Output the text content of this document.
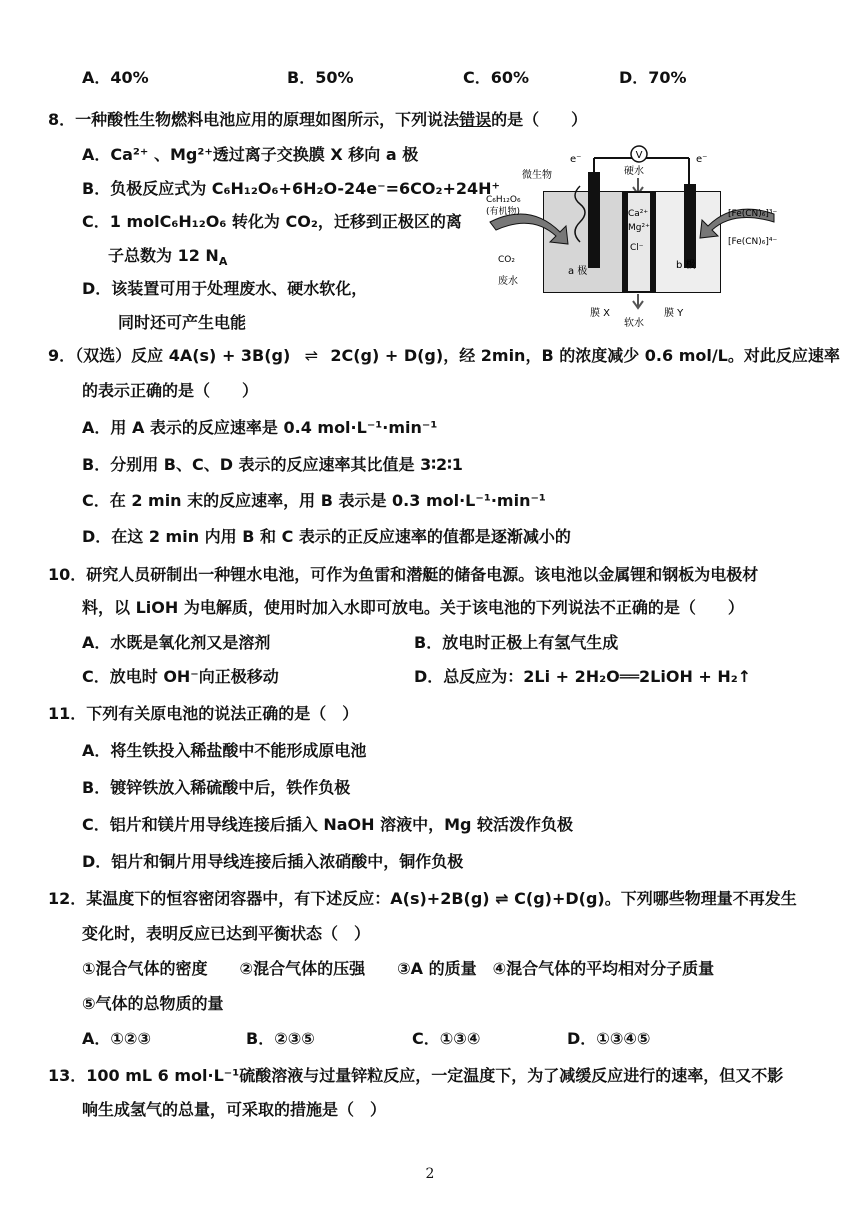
A．40%	B．50%	C．60%	D．70%
8．一种酸性生物燃料电池应用的原理如图所示，下列说法错误的是（　　）
A．Ca²⁺ 、Mg²⁺透过离子交换膜 X 移向 a 极
B．负极反应式为 C₆H₁₂O₆+6H₂O-24e⁻=6CO₂+24H⁺
C．1 molC₆H₁₂O₆ 转化为 CO₂，迁移到正极区的离
子总数为 12 $N_A$
D．该装置可用于处理废水、硬水软化，
同时还可产生电能
V
e⁻	e⁻
硬水
微生物
C₆H₁₂O₆
(有机物)
CO₂
废水
a 极
Ca²⁺
Mg²⁺
Cl⁻
b 极
[Fe(CN)₆]³⁻
[Fe(CN)₆]⁴⁻
膜 X
软水
膜 Y
9．（双选）反应 4A(s) + 3B(g) ⇌ 2C(g) + D(g)，经 2min，B 的浓度减少 0.6 mol/L。对此反应速率
的表示正确的是（　　）
A．用 A 表示的反应速率是 0.4 mol·L⁻¹·min⁻¹
B．分别用 B、C、D 表示的反应速率其比值是 3∶2∶1
C．在 2 min 末的反应速率，用 B 表示是 0.3 mol·L⁻¹·min⁻¹
D．在这 2 min 内用 B 和 C 表示的正反应速率的值都是逐渐减小的
10．研究人员研制出一种锂水电池，可作为鱼雷和潜艇的储备电源。该电池以金属锂和钢板为电极材
料，以 LiOH 为电解质，使用时加入水即可放电。关于该电池的下列说法不正确的是（　　）
A．水既是氧化剂又是溶剂	B．放电时正极上有氢气生成
C．放电时 OH⁻向正极移动	D．总反应为：2Li + 2H₂O══2LiOH + H₂↑
11．下列有关原电池的说法正确的是（　）
A．将生铁投入稀盐酸中不能形成原电池
B．镀锌铁放入稀硫酸中后，铁作负极
C．铝片和镁片用导线连接后插入 NaOH 溶液中，Mg 较活泼作负极
D．铝片和铜片用导线连接后插入浓硝酸中，铜作负极
12．某温度下的恒容密闭容器中，有下述反应：A(s)+2B(g) ⇌ C(g)+D(g)。下列哪些物理量不再发生
变化时，表明反应已达到平衡状态（　）
①混合气体的密度　　②混合气体的压强　　③A 的质量　④混合气体的平均相对分子质量
⑤气体的总物质的量
A．①②③	B．②③⑤	C．①③④	D．①③④⑤
13．100 mL 6 mol·L⁻¹硫酸溶液与过量锌粒反应，一定温度下，为了减缓反应进行的速率，但又不影
响生成氢气的总量，可采取的措施是（　）
2
